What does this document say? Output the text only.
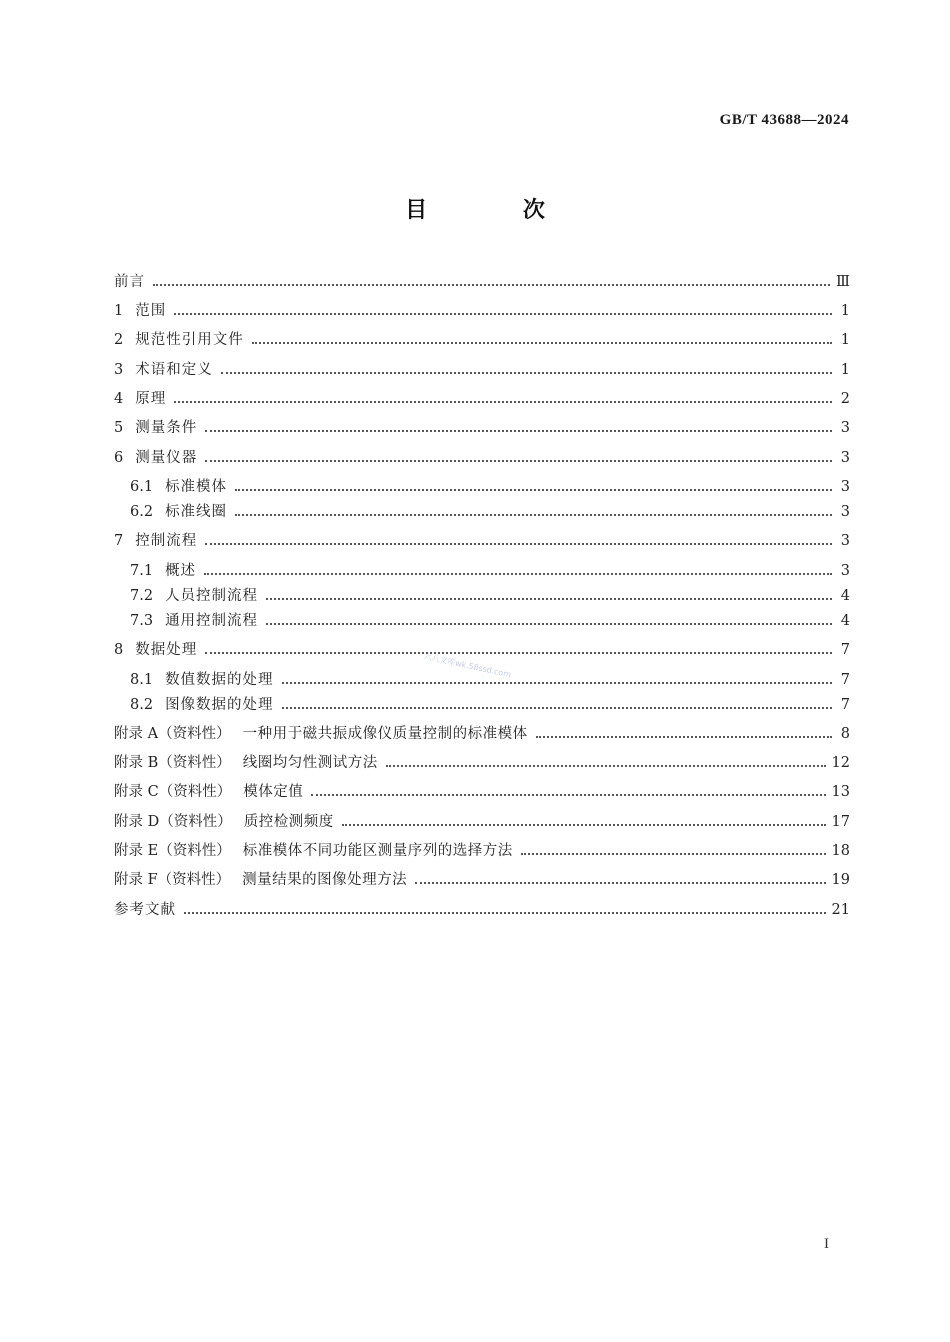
GB/T 43688—2024
目 次
前言	Ⅲ
1 范围	1
2 规范性引用文件	1
3 术语和定义	1
4 原理	2
5 测量条件	3
6 测量仪器	3
6.1 标准模体	3
6.2 标准线圈	3
7 控制流程	3
7.1 概述	3
7.2 人员控制流程	4
7.3 通用控制流程	4
8 数据处理	7
8.1 数值数据的处理	7
8.2 图像数据的处理	7
附录 A（资料性） 一种用于磁共振成像仪质量控制的标准模体	8
附录 B（资料性） 线圈均匀性测试方法	12
附录 C（资料性） 模体定值	13
附录 D（资料性） 质控检测频度	17
附录 E（资料性） 标准模体不同功能区测量序列的选择方法	18
附录 F（资料性） 测量结果的图像处理方法	19
参考文献	21
六八文库wk.58ssd.com
I
